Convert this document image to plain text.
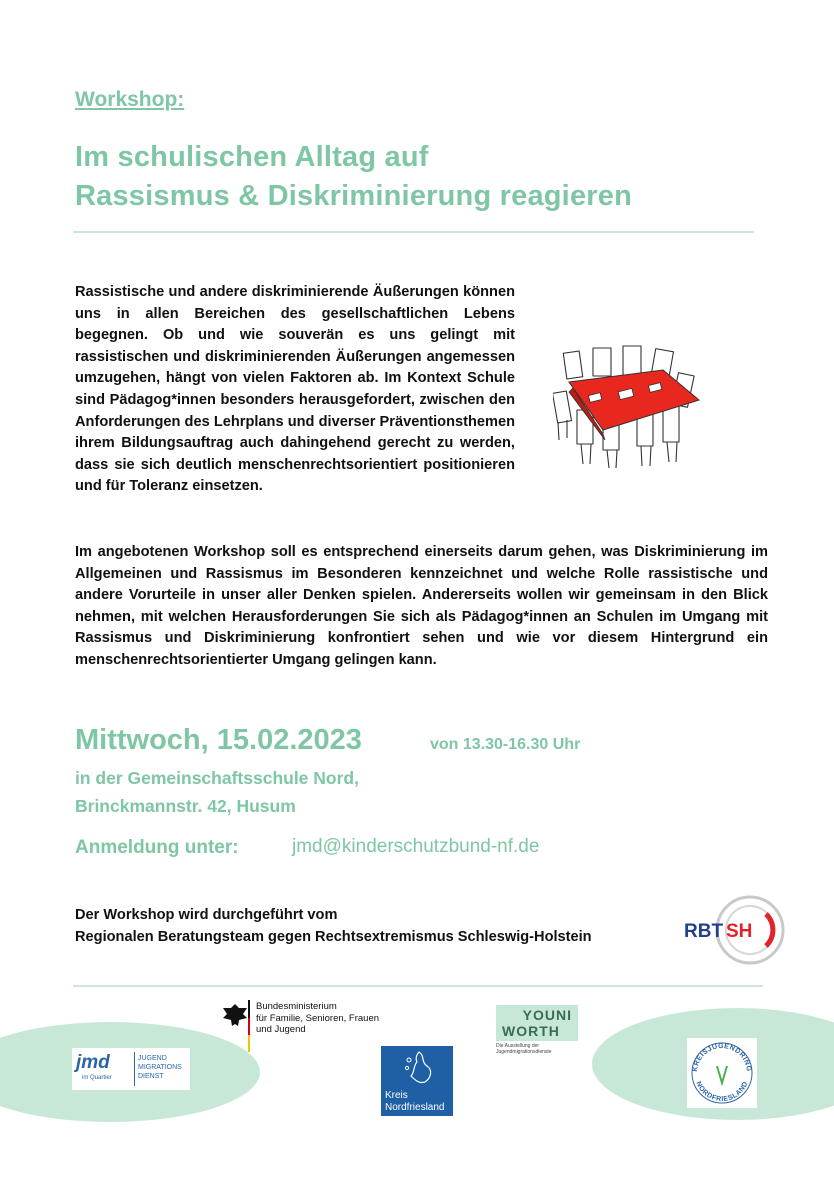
Workshop:
Im schulischen Alltag auf
Rassismus & Diskriminierung reagieren
Rassistische und andere diskriminierende Äußerungen können uns in allen Bereichen des gesellschaftlichen Lebens begegnen. Ob und wie souverän es uns gelingt mit rassistischen und diskriminierenden Äußerungen angemessen umzugehen, hängt von vielen Faktoren ab. Im Kontext Schule sind Pädagog*innen besonders herausgefordert, zwischen den Anforderungen des Lehrplans und diverser Präventionsthemen ihrem Bildungsauftrag auch dahingehend gerecht zu werden, dass sie sich deutlich menschenrechtsorientiert positionieren und für Toleranz einsetzen.
Im angebotenen Workshop soll es entsprechend einerseits darum gehen, was Diskriminierung im Allgemeinen und Rassismus im Besonderen kennzeichnet und welche Rolle rassistische und andere Vorurteile in unser aller Denken spielen. Andererseits wollen wir gemeinsam in den Blick nehmen, mit welchen Herausforderungen Sie sich als Pädagog*innen an Schulen im Umgang mit Rassismus und Diskriminierung konfrontiert sehen und wie vor diesem Hintergrund ein menschenrechtsorientierter Umgang gelingen kann.
Mittwoch, 15.02.2023	von 13.30-16.30 Uhr
in der Gemeinschaftsschule Nord,
Brinckmannstr. 42, Husum
Anmeldung unter:	jmd@kinderschutzbund-nf.de
Der Workshop wird durchgeführt vom
Regionalen Beratungsteam gegen Rechtsextremismus Schleswig-Holstein	RBT SH
Bundesministerium
für Familie, Senioren, Frauen
und Jugend
YOUNI
WORTH
Die Ausstellung der
Jugendmigrationsdienste
jmd
im Quartier
JUGEND
MIGRATIONS
DIENST
Kreis
Nordfriesland
KREISJUGENDRING
NORDFRIESLAND
